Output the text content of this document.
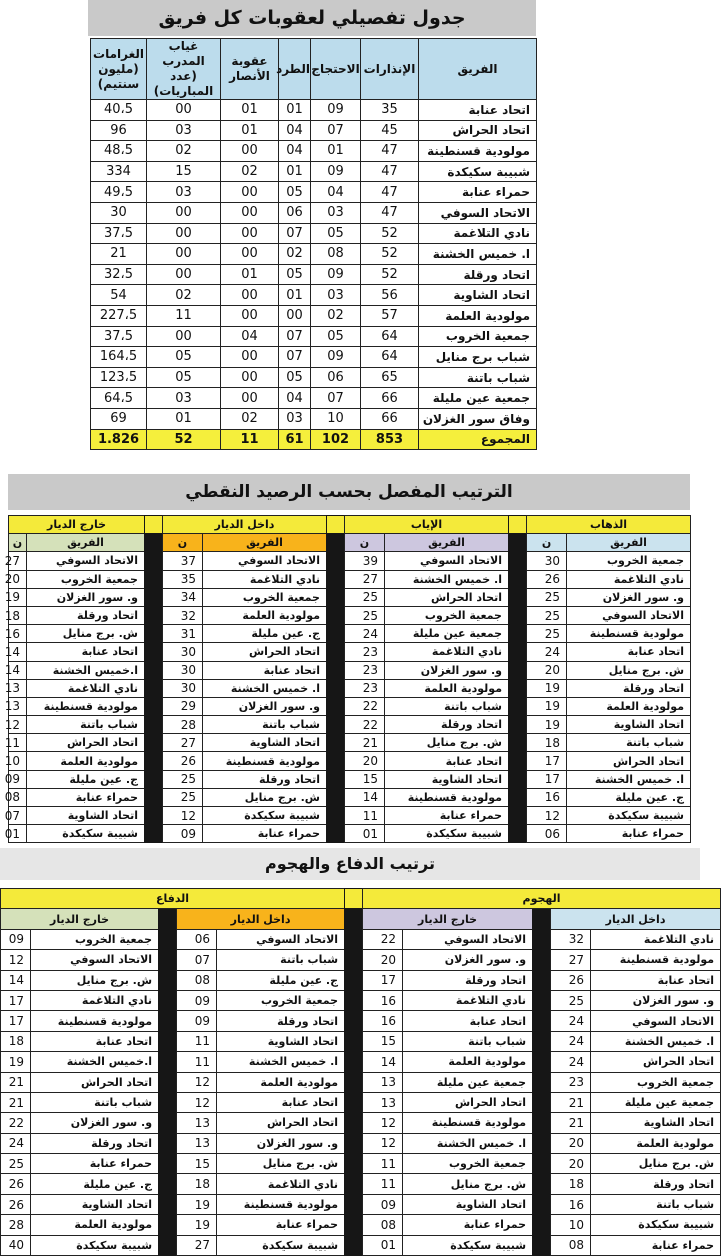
جدول تفصيلي لعقوبات كل فريق
الفريق	الإنذارات	الاحتجاج	الطرد	عقوبة الأنصار	غياب المدرب (عدد المباريات)	الغرامات (مليون سنتيم)
اتحاد عنابة	35	09	01	01	00	40،5
اتحاد الحراش	45	07	04	01	03	96
مولودية قسنطينة	47	01	04	00	02	48،5
شبيبة سكيكدة	47	09	01	02	15	334
حمراء عنابة	47	04	05	00	03	49،5
الاتحاد السوفي	47	03	06	00	00	30
نادي التلاغمة	52	05	07	00	00	37،5
ا. خميس الخشنة	52	08	02	00	00	21
اتحاد ورقلة	52	09	05	01	00	32،5
اتحاد الشاوية	56	03	01	00	02	54
مولودية العلمة	57	02	00	00	11	227،5
جمعية الخروب	64	05	07	04	00	37،5
شباب برج منايل	64	09	07	00	05	164،5
شباب باتنة	65	06	05	00	05	123،5
جمعية عين مليلة	66	07	04	00	03	64،5
وفاق سور الغزلان	66	10	03	02	01	69
المجموع	853	102	61	11	52	1.826
الترتيب المفصل بحسب الرصيد النقطي
الذهاب			الإياب			داخل الديار			خارج الديار	
الفريق	ن		الفريق	ن		الفريق	ن		الفريق	ن
جمعية الخروب	30		الاتحاد السوفي	39		الاتحاد السوفي	37		الاتحاد السوفي	27
نادي التلاغمة	26		ا. خميس الخشنة	27		نادي التلاغمة	35		جمعية الخروب	20
و. سور الغزلان	25		اتحاد الحراش	25		جمعية الخروب	34		و. سور الغزلان	19
الاتحاد السوفي	25		جمعية الخروب	25		مولودية العلمة	32		اتحاد ورقلة	18
مولودية قسنطينة	25		جمعية عين مليلة	24		ج. عين مليلة	31		ش. برج منايل	16
اتحاد عنابة	24		نادي التلاغمة	23		اتحاد الحراش	30		اتحاد عنابة	14
ش. برج منايل	20		و. سور الغزلان	23		اتحاد عنابة	30		ا.خميس الخشنة	14
اتحاد ورقلة	19		مولودية العلمة	23		ا. خميس الخشنة	30		نادي التلاغمة	13
مولودية العلمة	19		شباب باتنة	22		و. سور الغزلان	29		مولودية قسنطينة	13
اتحاد الشاوية	19		اتحاد ورقلة	22		شباب باتنة	28		شباب باتنة	12
شباب باتنة	18		ش. برج منايل	21		اتحاد الشاوية	27		اتحاد الحراش	11
اتحاد الحراش	17		اتحاد عنابة	20		مولودية قسنطينة	26		مولودية العلمة	10
ا. خميس الخشنة	17		اتحاد الشاوية	15		اتحاد ورقلة	25		ج. عين مليلة	09
ج. عين مليلة	16		مولودية قسنطينة	14		ش. برج منايل	25		حمراء عنابة	08
شبيبة سكيكدة	12		حمراء عنابة	11		شبيبة سكيكدة	12		اتحاد الشاوية	07
حمراء عنابة	06		شبيبة سكيكدة	01		حمراء عنابة	09		شبيبة سكيكدة	01
ترتيب الدفاع والهجوم
الهجوم						الدفاع				
داخل الديار			خارج الديار			داخل الديار			خارج الديار	
نادي التلاغمة	32		الاتحاد السوفي	22		الاتحاد السوفي	06		جمعية الخروب	09
مولودية قسنطينة	27		و. سور الغزلان	20		شباب باتنة	07		الاتحاد السوفي	12
اتحاد عنابة	26		اتحاد ورقلة	17		ج. عين مليلة	08		ش. برج منايل	14
و. سور الغزلان	25		نادي التلاغمة	16		جمعية الخروب	09		نادي التلاغمة	17
الاتحاد السوفي	24		اتحاد عنابة	16		اتحاد ورقلة	09		مولودية قسنطينة	17
ا. خميس الخشنة	24		شباب باتنة	15		اتحاد الشاوية	11		اتحاد عنابة	18
اتحاد الحراش	24		مولودية العلمة	14		ا. خميس الخشنة	11		ا.خميس الخشنة	19
جمعية الخروب	23		جمعية عين مليلة	13		مولودية العلمة	12		اتحاد الحراش	21
جمعية عين مليلة	21		اتحاد الحراش	13		اتحاد عنابة	12		شباب باتنة	21
اتحاد الشاوية	21		مولودية قسنطينة	12		اتحاد الحراش	13		و. سور الغزلان	22
مولودية العلمة	20		ا. خميس الخشنة	12		و. سور الغزلان	13		اتحاد ورقلة	24
ش. برج منايل	20		جمعية الخروب	11		ش. برج منايل	15		حمراء عنابة	25
اتحاد ورقلة	18		ش. برج منايل	11		نادي التلاغمة	18		ج. عين مليلة	26
شباب باتنة	16		اتحاد الشاوية	09		مولودية قسنطينة	19		اتحاد الشاوية	26
شبيبة سكيكدة	10		حمراء عنابة	08		حمراء عنابة	19		مولودية العلمة	28
حمراء عنابة	08		شبيبة سكيكدة	01		شبيبة سكيكدة	27		شبيبة سكيكدة	40
